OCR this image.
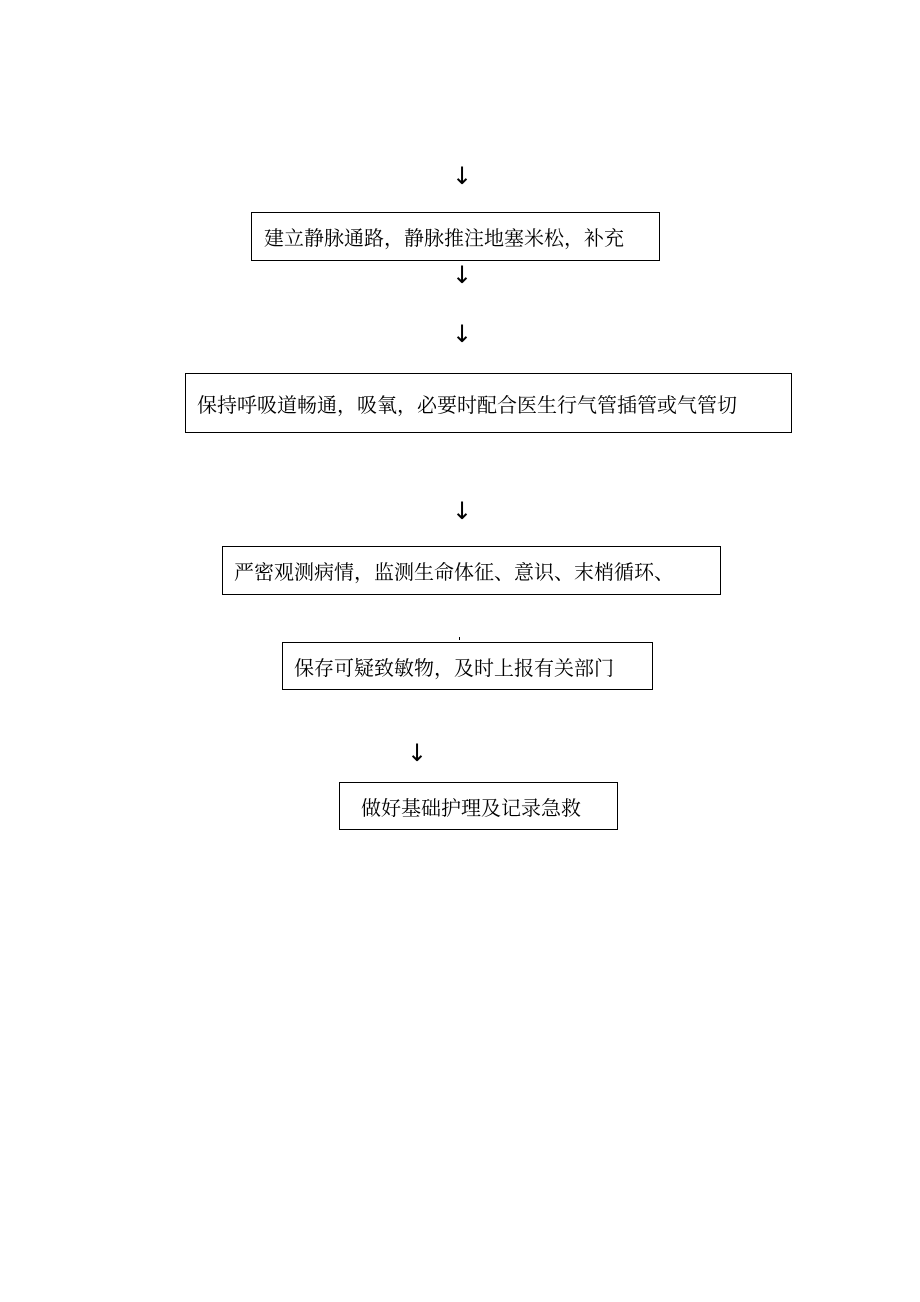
↓
建立静脉通路，静脉推注地塞米松，补充
↓
↓
保持呼吸道畅通，吸氧，必要时配合医生行气管插管或气管切
↓
严密观测病情，监测生命体征、意识、末梢循环、
保存可疑致敏物，及时上报有关部门
↓
做好基础护理及记录急救
